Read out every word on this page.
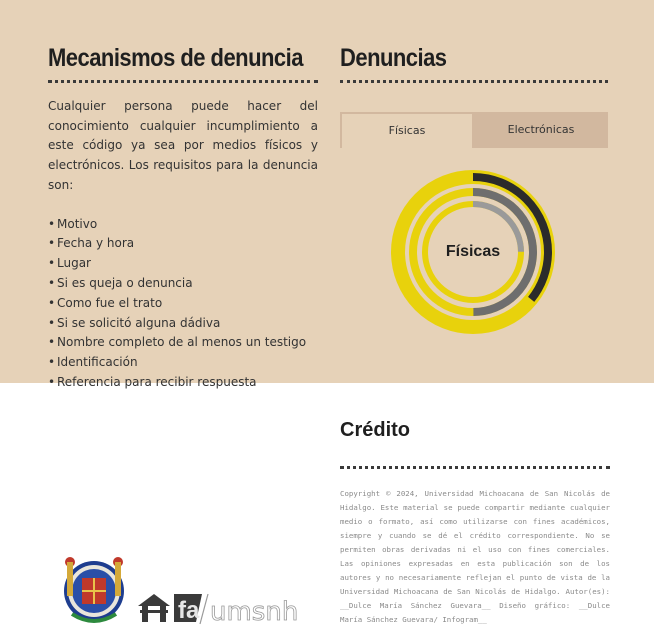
Mecanismos de denuncia

Cualquier persona puede hacer del conocimiento cualquier incumplimiento a este código ya sea por medios físicos y electrónicos. Los requisitos para la denuncia son:

• Motivo
• Fecha y hora
• Lugar
• Si es queja o denuncia
• Como fue el trato
• Si se solicitó alguna dádiva
• Nombre completo de al menos un testigo
• Identificación
• Referencia para recibir respuesta
Denuncias
Físicas	Electrónicas
Físicas
Crédito

Copyright © 2024, Universidad Michoacana de San Nicolás de Hidalgo. Este material se puede compartir mediante cualquier medio o formato, así como utilizarse con fines académicos, siempre y cuando se dé el crédito correspondiente. No se permiten obras derivadas ni el uso con fines comerciales. Las opiniones expresadas en esta publicación son de los autores y no necesariamente reflejan el punto de vista de la Universidad Michoacana de San Nicolás de Hidalgo. Autor(es): __Dulce María Sánchez Guevara__ Diseño gráfico: __Dulce María Sánchez Guevara/ Infogram__

fa umsnh
